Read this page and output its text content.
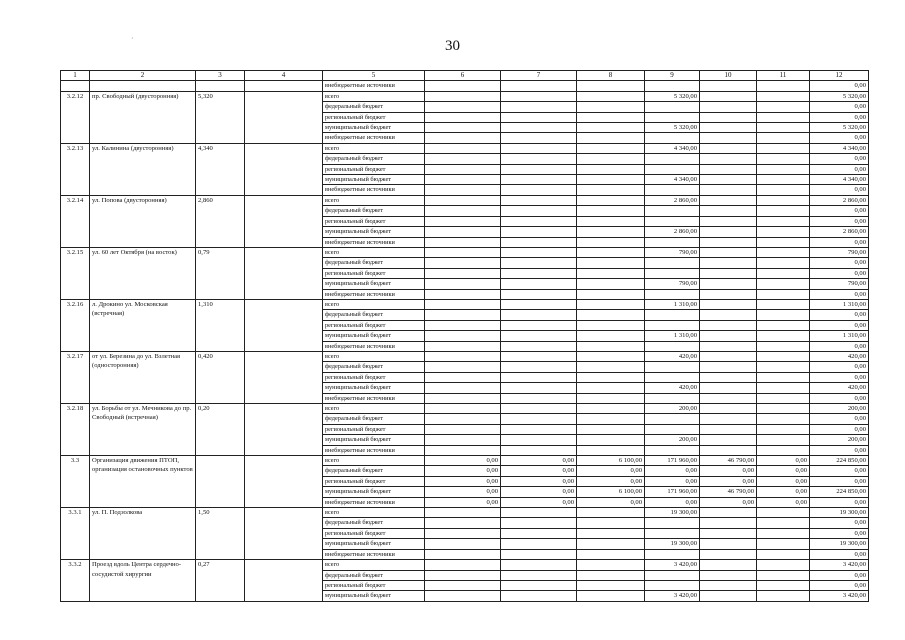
·	30
1	2	3	4	5	6	7	8	9	10	11	12
				внебюджетные источники							0,00
3.2.12	пр. Свободный (двусторонняя)	5,320		всего				5 320,00			5 320,00
				федеральный бюджет							0,00
				региональный бюджет							0,00
				муниципальный бюджет				5 320,00			5 320,00
				внебюджетные источники							0,00
3.2.13	ул. Калинина (двусторонняя)	4,340		всего				4 340,00			4 340,00
				федеральный бюджет							0,00
				региональный бюджет							0,00
				муниципальный бюджет				4 340,00			4 340,00
				внебюджетные источники							0,00
3.2.14	ул. Попова (двусторонняя)	2,860		всего				2 860,00			2 860,00
				федеральный бюджет							0,00
				региональный бюджет							0,00
				муниципальный бюджет				2 860,00			2 860,00
				внебюджетные источники							0,00
3.2.15	ул. 60 лет Октября (на восток)	0,79		всего				790,00			790,00
				федеральный бюджет							0,00
				региональный бюджет							0,00
				муниципальный бюджет				790,00			790,00
				внебюджетные источники							0,00
3.2.16	л. Дрокино ул. Московская (встречная)	1,310		всего				1 310,00			1 310,00
				федеральный бюджет							0,00
				региональный бюджет							0,00
				муниципальный бюджет				1 310,00			1 310,00
				внебюджетные источники							0,00
3.2.17	от ул. Березина до ул. Взлетная (односторонняя)	0,420		всего				420,00			420,00
				федеральный бюджет							0,00
				региональный бюджет							0,00
				муниципальный бюджет				420,00			420,00
				внебюджетные источники							0,00
3.2.18	ул. Борьбы от ул. Мечникова до пр. Свободный (встречная)	0,20		всего				200,00			200,00
				федеральный бюджет							0,00
				региональный бюджет							0,00
				муниципальный бюджет				200,00			200,00
				внебюджетные источники							0,00
3.3	Организация движения ПТОП, организация остановочных пунктов			всего	0,00	0,00	6 100,00	171 960,00	46 790,00	0,00	224 850,00
				федеральный бюджет	0,00	0,00	0,00	0,00	0,00	0,00	0,00
				региональный бюджет	0,00	0,00	0,00	0,00	0,00	0,00	0,00
				муниципальный бюджет	0,00	0,00	6 100,00	171 960,00	46 790,00	0,00	224 850,00
				внебюджетные источники	0,00	0,00	0,00	0,00	0,00	0,00	0,00
3.3.1	ул. П. Подзолкова	1,50		всего				19 300,00			19 300,00
				федеральный бюджет							0,00
				региональный бюджет							0,00
				муниципальный бюджет				19 300,00			19 300,00
				внебюджетные источники							0,00
3.3.2	Проезд вдоль Центра сердечно-сосудистой хирургии	0,27		всего				3 420,00			3 420,00
				федеральный бюджет							0,00
				региональный бюджет							0,00
				муниципальный бюджет				3 420,00			3 420,00
